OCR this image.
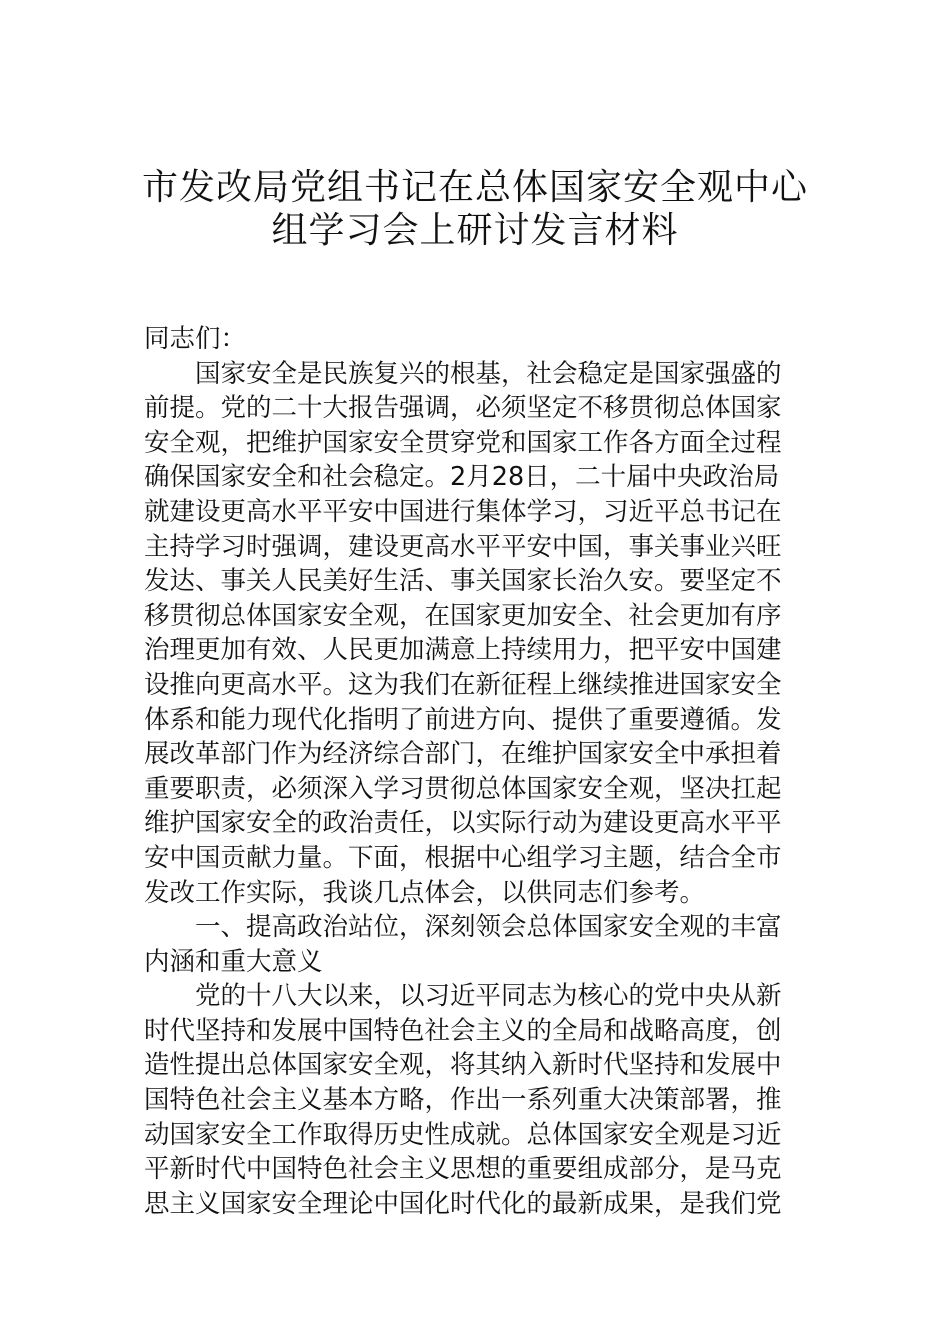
市发改局党组书记在总体国家安全观中心
组学习会上研讨发言材料
同志们：
　　国家安全是民族复兴的根基，社会稳定是国家强盛的
前提。党的二十大报告强调，必须坚定不移贯彻总体国家
安全观，把维护国家安全贯穿党和国家工作各方面全过程
确保国家安全和社会稳定。2月28日，二十届中央政治局
就建设更高水平平安中国进行集体学习，习近平总书记在
主持学习时强调，建设更高水平平安中国，事关事业兴旺
发达、事关人民美好生活、事关国家长治久安。要坚定不
移贯彻总体国家安全观，在国家更加安全、社会更加有序
治理更加有效、人民更加满意上持续用力，把平安中国建
设推向更高水平。这为我们在新征程上继续推进国家安全
体系和能力现代化指明了前进方向、提供了重要遵循。发
展改革部门作为经济综合部门，在维护国家安全中承担着
重要职责，必须深入学习贯彻总体国家安全观，坚决扛起
维护国家安全的政治责任，以实际行动为建设更高水平平
安中国贡献力量。下面，根据中心组学习主题，结合全市
发改工作实际，我谈几点体会，以供同志们参考。
　　一、提高政治站位，深刻领会总体国家安全观的丰富
内涵和重大意义
　　党的十八大以来，以习近平同志为核心的党中央从新
时代坚持和发展中国特色社会主义的全局和战略高度，创
造性提出总体国家安全观，将其纳入新时代坚持和发展中
国特色社会主义基本方略，作出一系列重大决策部署，推
动国家安全工作取得历史性成就。总体国家安全观是习近
平新时代中国特色社会主义思想的重要组成部分，是马克
思主义国家安全理论中国化时代化的最新成果，是我们党
